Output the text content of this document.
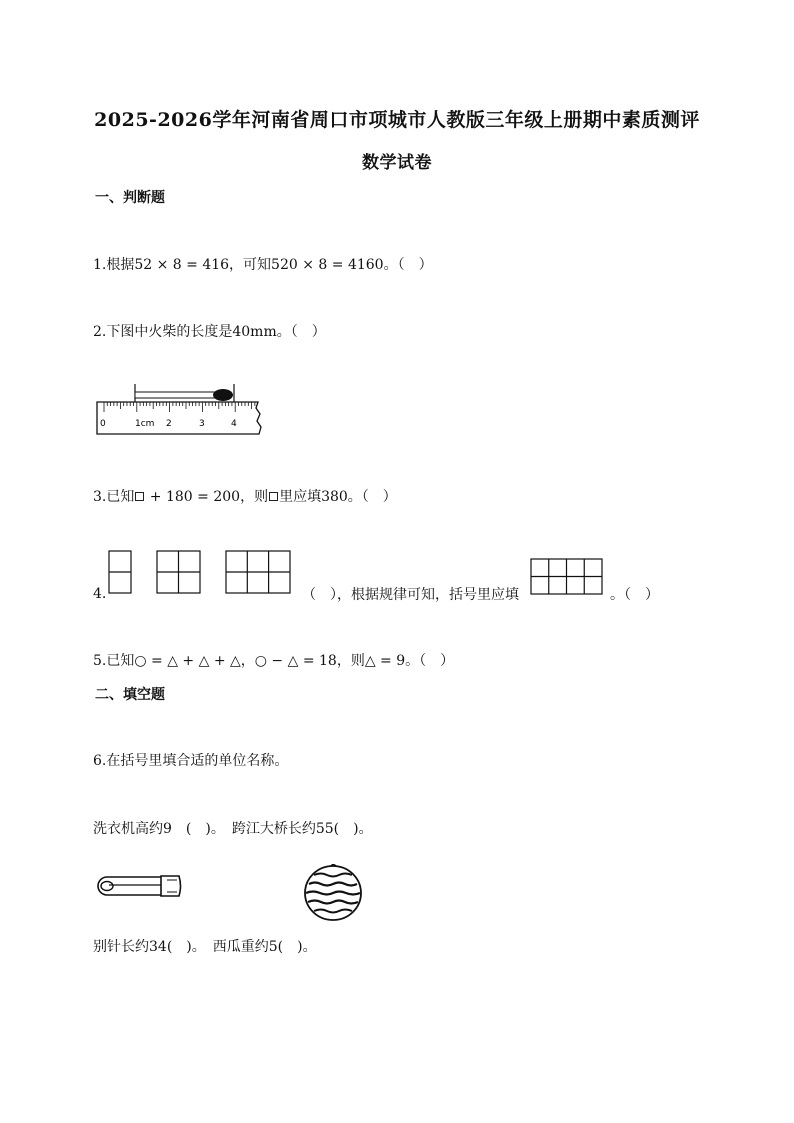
2025-2026学年河南省周口市项城市人教版三年级上册期中素质测评
数学试卷
一、判断题
1.根据52 × 8 = 416，可知520 × 8 = 4160。（　）
2.下图中火柴的长度是40mm。（　）
0	1cm 2	3	4
3.已知 + 180 = 200，则 里应填380。（　）
4.	（　），根据规律可知，括号里应填	。（　）
5.已知○ = △ + △ + △，○ − △ = 18，则△ = 9。（　）
二、填空题
6.在括号里填合适的单位名称。
洗衣机高约9　(　)。　跨江大桥长约55(　)。
别针长约34(　)。　西瓜重约5(　)。
